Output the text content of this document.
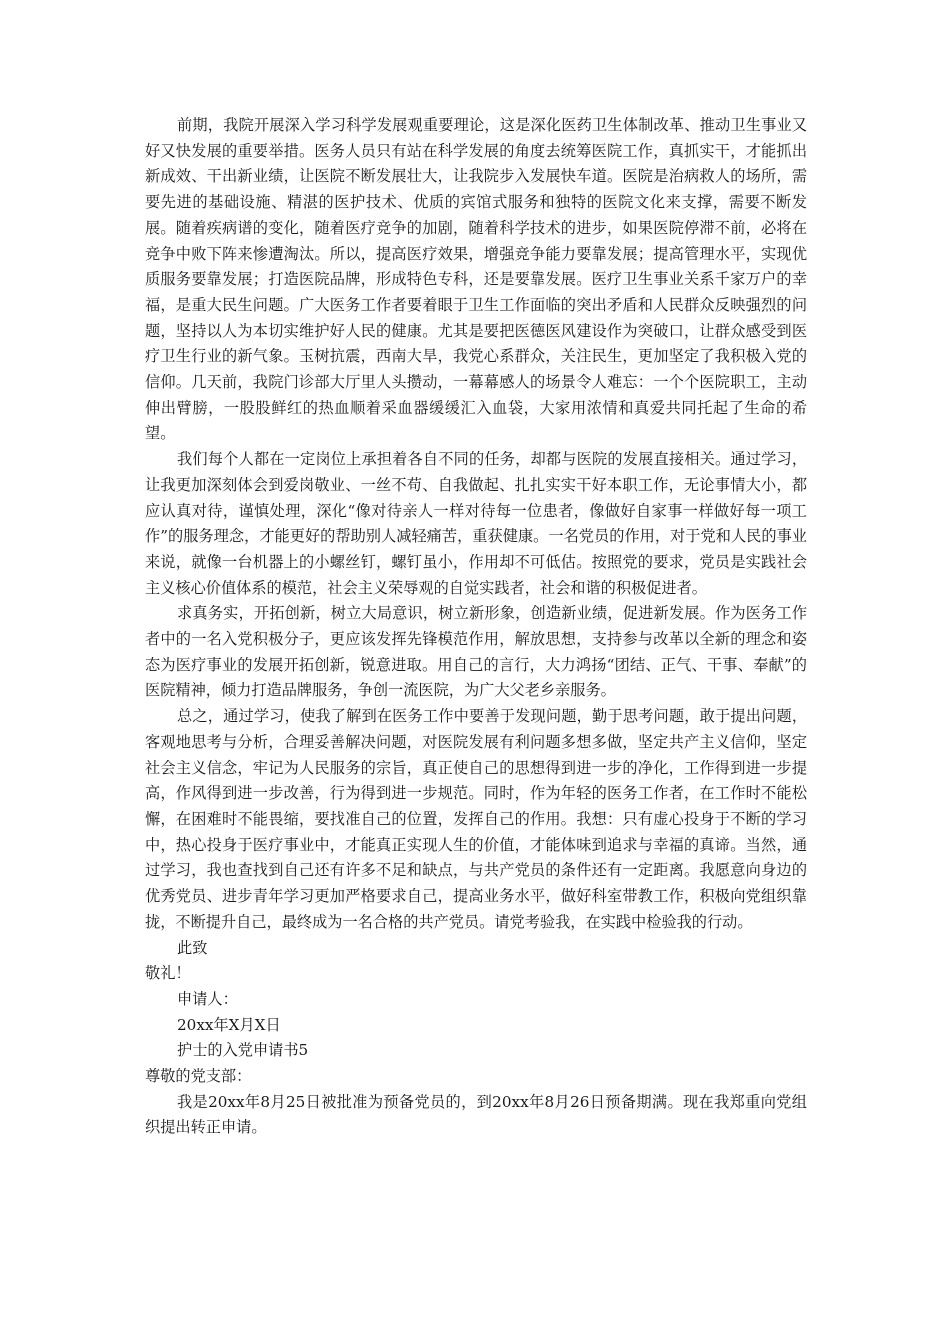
前期，我院开展深入学习科学发展观重要理论，这是深化医药卫生体制改革、推动卫生事业又好又快发展的重要举措。医务人员只有站在科学发展的角度去统筹医院工作，真抓实干，才能抓出新成效、干出新业绩，让医院不断发展壮大，让我院步入发展快车道。医院是治病救人的场所，需要先进的基础设施、精湛的医护技术、优质的宾馆式服务和独特的医院文化来支撑，需要不断发展。随着疾病谱的变化，随着医疗竞争的加剧，随着科学技术的进步，如果医院停滞不前，必将在竞争中败下阵来惨遭淘汰。所以，提高医疗效果，增强竞争能力要靠发展；提高管理水平，实现优质服务要靠发展；打造医院品牌，形成特色专科，还是要靠发展。医疗卫生事业关系千家万户的幸福，是重大民生问题。广大医务工作者要着眼于卫生工作面临的突出矛盾和人民群众反映强烈的问题，坚持以人为本切实维护好人民的健康。尤其是要把医德医风建设作为突破口，让群众感受到医疗卫生行业的新气象。玉树抗震，西南大旱，我党心系群众，关注民生，更加坚定了我积极入党的信仰。几天前，我院门诊部大厅里人头攒动，一幕幕感人的场景令人难忘：一个个医院职工，主动伸出臂膀，一股股鲜红的热血顺着采血器缓缓汇入血袋，大家用浓情和真爱共同托起了生命的希望。

我们每个人都在一定岗位上承担着各自不同的任务，却都与医院的发展直接相关。通过学习，让我更加深刻体会到爱岗敬业、一丝不苟、自我做起、扎扎实实干好本职工作，无论事情大小，都应认真对待，谨慎处理，深化“像对待亲人一样对待每一位患者，像做好自家事一样做好每一项工作”的服务理念，才能更好的帮助别人减轻痛苦，重获健康。一名党员的作用，对于党和人民的事业来说，就像一台机器上的小螺丝钉，螺钉虽小，作用却不可低估。按照党的要求，党员是实践社会主义核心价值体系的模范，社会主义荣辱观的自觉实践者，社会和谐的积极促进者。

求真务实，开拓创新，树立大局意识，树立新形象，创造新业绩，促进新发展。作为医务工作者中的一名入党积极分子，更应该发挥先锋模范作用，解放思想，支持参与改革以全新的理念和姿态为医疗事业的发展开拓创新，锐意进取。用自己的言行，大力鸿扬“团结、正气、干事、奉献”的医院精神，倾力打造品牌服务，争创一流医院，为广大父老乡亲服务。

总之，通过学习，使我了解到在医务工作中要善于发现问题，勤于思考问题，敢于提出问题，客观地思考与分析，合理妥善解决问题，对医院发展有利问题多想多做，坚定共产主义信仰，坚定社会主义信念，牢记为人民服务的宗旨，真正使自己的思想得到进一步的净化，工作得到进一步提高，作风得到进一步改善，行为得到进一步规范。同时，作为年轻的医务工作者，在工作时不能松懈，在困难时不能畏缩，要找准自己的位置，发挥自己的作用。我想：只有虚心投身于不断的学习中，热心投身于医疗事业中，才能真正实现人生的价值，才能体味到追求与幸福的真谛。当然，通过学习，我也查找到自己还有许多不足和缺点，与共产党员的条件还有一定距离。我愿意向身边的优秀党员、进步青年学习更加严格要求自己，提高业务水平，做好科室带教工作，积极向党组织靠拢，不断提升自己，最终成为一名合格的共产党员。请党考验我，在实践中检验我的行动。

此致

敬礼！

申请人：

20xx年X月X日

护士的入党申请书5

尊敬的党支部：

我是20xx年8月25日被批准为预备党员的，到20xx年8月26日预备期满。现在我郑重向党组织提出转正申请。
